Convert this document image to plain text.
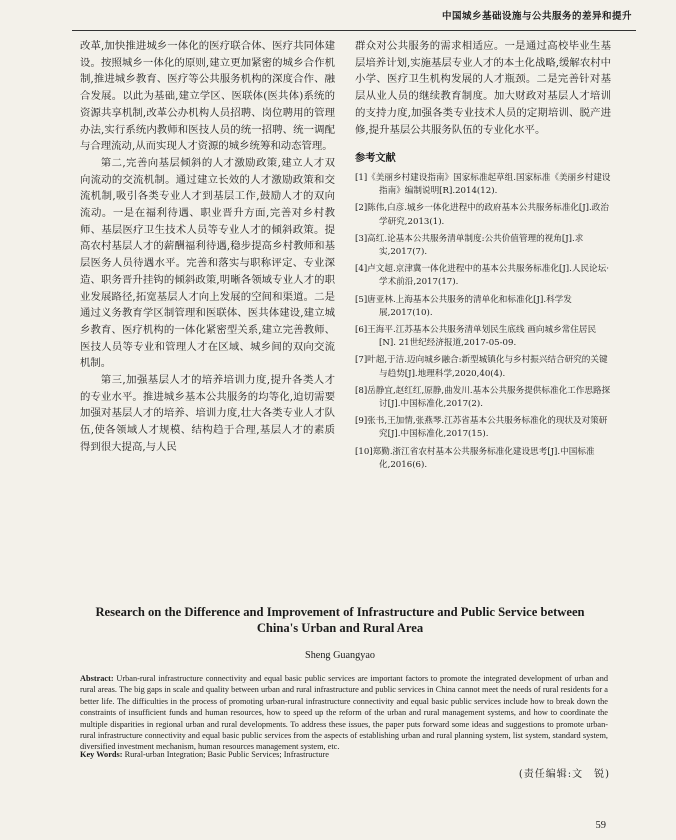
中国城乡基础设施与公共服务的差异和提升

改革,加快推进城乡一体化的医疗联合体、医疗共同体建设。按照城乡一体化的原则,建立更加紧密的城乡合作机制,推进城乡教育、医疗等公共服务机构的深度合作、融合发展。以此为基础,建立学区、医联体(医共体)系统的资源共享机制,改革公办机构人员招聘、岗位聘用的管理办法,实行系统内教师和医技人员的统一招聘、统一调配与合理流动,从而实现人才资源的城乡统筹和动态管理。

第二,完善向基层倾斜的人才激励政策,建立人才双向流动的交流机制。通过建立长效的人才激励政策和交流机制,吸引各类专业人才到基层工作,鼓励人才的双向流动。一是在福利待遇、职业晋升方面,完善对乡村教师、基层医疗卫生技术人员等专业人才的倾斜政策。提高农村基层人才的薪酬福利待遇,稳步提高乡村教师和基层医务人员待遇水平。完善和落实与职称评定、专业深造、职务晋升挂钩的倾斜政策,明晰各领域专业人才的职业发展路径,拓宽基层人才向上发展的空间和渠道。二是通过义务教育学区制管理和医联体、医共体建设,建立城乡教育、医疗机构的一体化紧密型关系,建立完善教师、医技人员等专业和管理人才在区域、城乡间的双向交流机制。

第三,加强基层人才的培养培训力度,提升各类人才的专业水平。推进城乡基本公共服务的均等化,迫切需要加强对基层人才的培养、培训力度,壮大各类专业人才队伍,使各领域人才规模、结构趋于合理,基层人才的素质得到很大提高,与人民

群众对公共服务的需求相适应。一是通过高校毕业生基层培养计划,实施基层专业人才的本土化战略,缓解农村中小学、医疗卫生机构发展的人才瓶颈。二是完善针对基层从业人员的继续教育制度。加大财政对基层人才培训的支持力度,加强各类专业技术人员的定期培训、脱产进修,提升基层公共服务队伍的专业化水平。

参考文献

[1]《美丽乡村建设指南》国家标准起草组.国家标准《美丽乡村建设指南》编制说明[R].2014(12).
[2]陈伟,白彦.城乡一体化进程中的政府基本公共服务标准化[J].政治学研究,2013(1).
[3]高红.论基本公共服务清单制度:公共价值管理的视角[J].求实,2017(7).
[4]卢文超.京津冀一体化进程中的基本公共服务标准化[J].人民论坛·学术前沿,2017(17).
[5]唐亚林.上海基本公共服务的清单化和标准化[J].科学发展,2017(10).
[6]王海平.江苏基本公共服务清单划民生底线 画向城乡常住居民[N]. 21世纪经济报道,2017-05-09.
[7]叶超,于洁.迈向城乡融合:新型城镇化与乡村振兴结合研究的关键与趋势[J].地理科学,2020,40(4).
[8]岳静宜,赵红红,原静,曲发川.基本公共服务提供标准化工作思路探讨[J].中国标准化,2017(2).
[9]张书,王加情,张燕琴.江苏省基本公共服务标准化的现状及对策研究[J].中国标准化,2017(15).
[10]郑勤.浙江省农村基本公共服务标准化建设思考[J].中国标准化,2016(6).
Research on the Difference and Improvement of Infrastructure and Public Service between
China's Urban and Rural Area
Sheng Guangyao
Abstract: Urban-rural infrastructure connectivity and equal basic public services are important factors to promote the integrated development of urban and rural areas. The big gaps in scale and quality between urban and rural infrastructure and public services in China cannot meet the needs of rural residents for a better life. The difficulties in the process of promoting urban-rural infrastructure connectivity and equal basic public services include how to break down the constraints of insufficient funds and human resources, how to speed up the reform of the urban and rural management systems, and how to coordinate the multiple disparities in regional urban and rural developments. To address these issues, the paper puts forward some ideas and suggestions to promote urban-rural infrastructure connectivity and equal basic public services from the aspects of establishing urban and rural planning system, list system, standard system, diversified investment mechanism, human resources management system, etc.
Key Words: Rural-urban Integration; Basic Public Services; Infrastructure
(责任编辑:文　锐)
59
